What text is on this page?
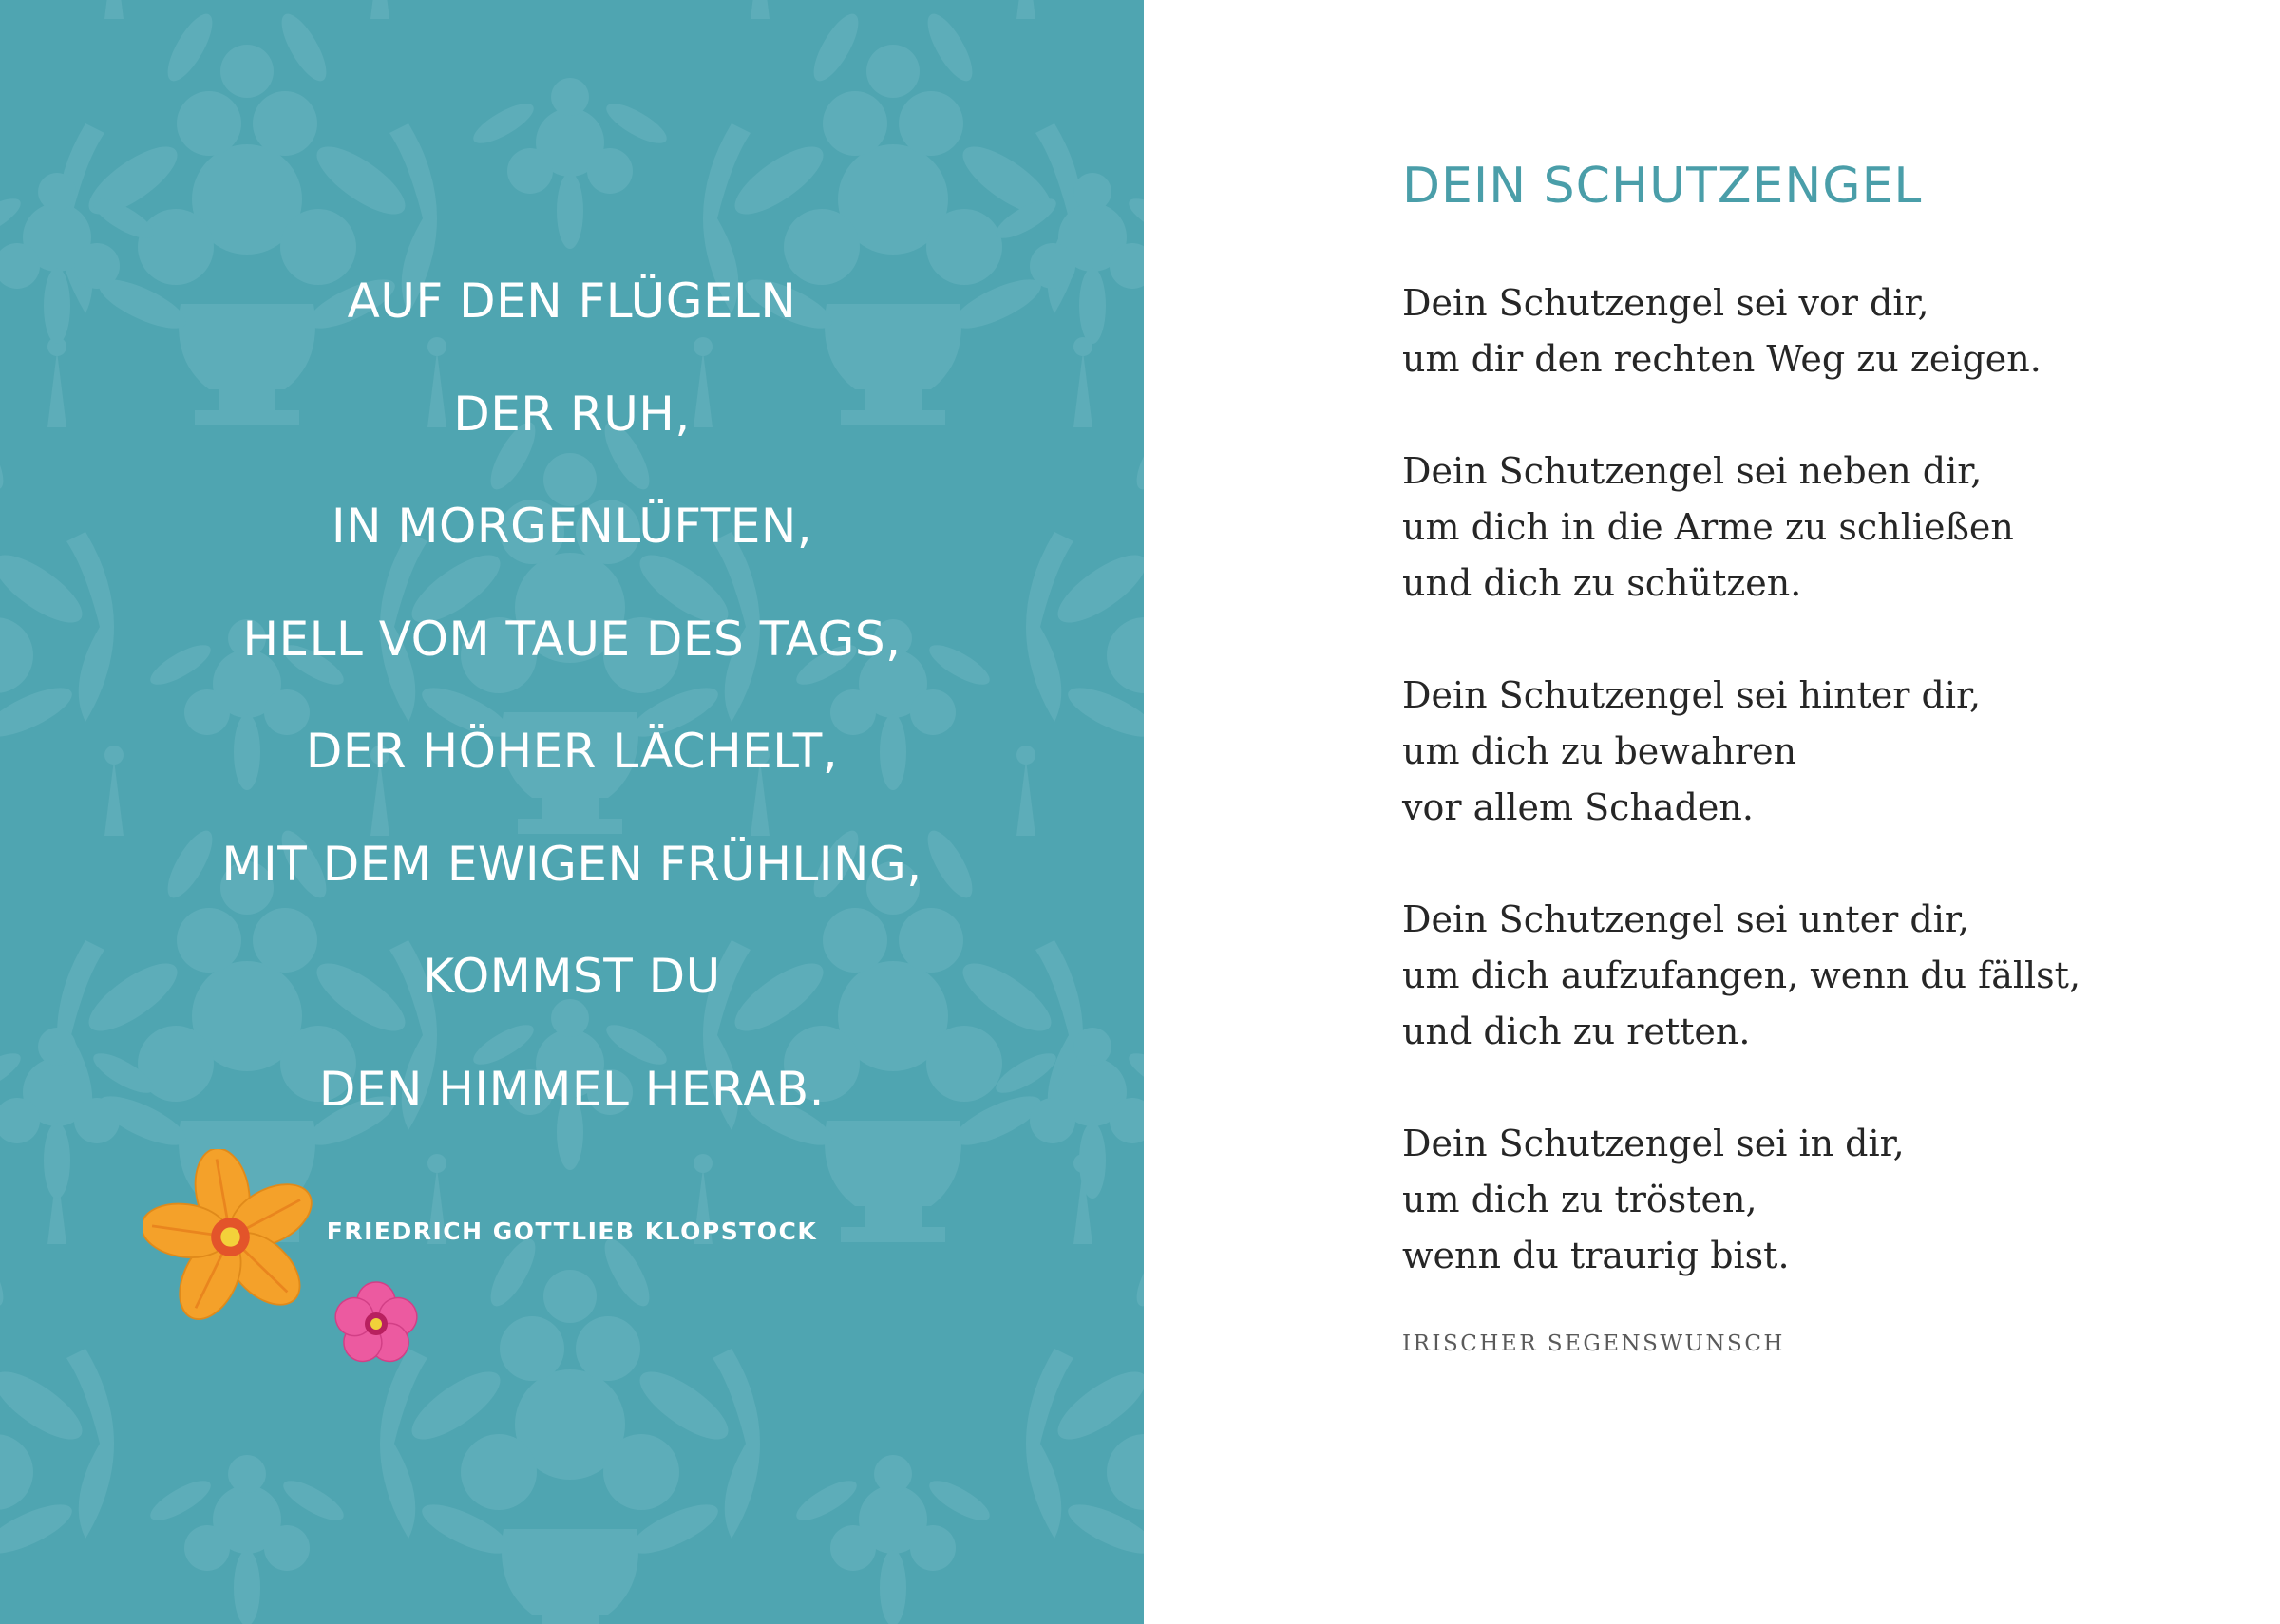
AUF DEN FLÜGELN
DER RUH,
IN MORGENLÜFTEN,
HELL VOM TAUE DES TAGS,
DER HÖHER LÄCHELT,
MIT DEM EWIGEN FRÜHLING,
KOMMST DU
DEN HIMMEL HERAB.
FRIEDRICH GOTTLIEB KLOPSTOCK
DEIN SCHUTZENGEL
Dein Schutzengel sei vor dir,
um dir den rechten Weg zu zeigen.
Dein Schutzengel sei neben dir,
um dich in die Arme zu schließen
und dich zu schützen.
Dein Schutzengel sei hinter dir,
um dich zu bewahren
vor allem Schaden.
Dein Schutzengel sei unter dir,
um dich aufzufangen, wenn du fällst,
und dich zu retten.
Dein Schutzengel sei in dir,
um dich zu trösten,
wenn du traurig bist.
IRISCHER SEGENSWUNSCH
